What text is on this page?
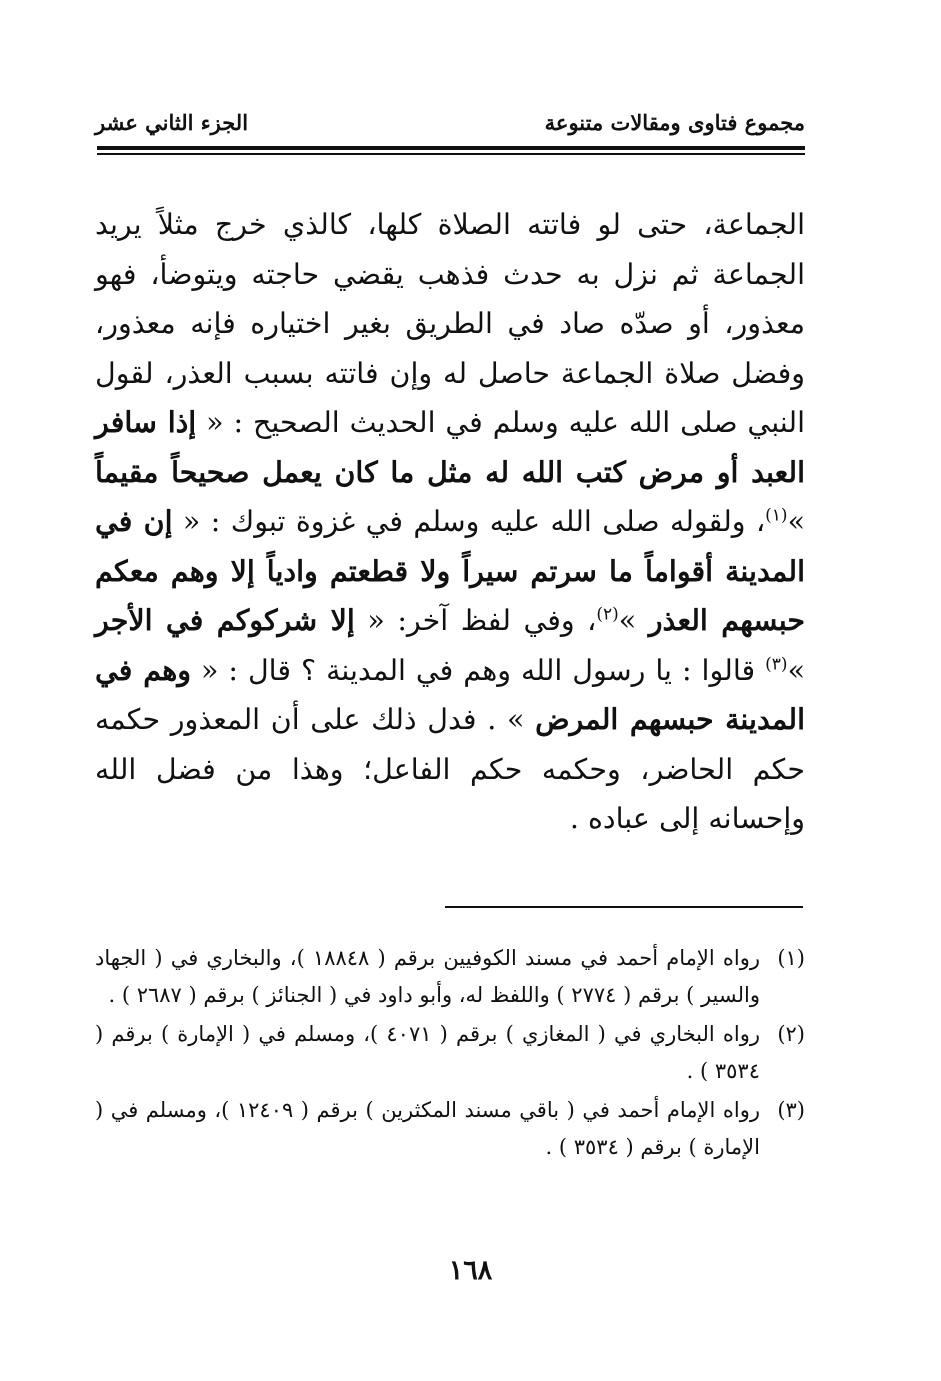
مجموع فتاوى ومقالات متنوعة
الجزء الثاني عشر

الجماعة، حتى لو فاتته الصلاة كلها، كالذي خرج مثلاً يريد الجماعة ثم نزل به حدث فذهب يقضي حاجته ويتوضأ، فهو معذور، أو صدّه صاد في الطريق بغير اختياره فإنه معذور، وفضل صلاة الجماعة حاصل له وإن فاتته بسبب العذر، لقول النبي صلى الله عليه وسلم في الحديث الصحيح : « إذا سافر العبد أو مرض كتب الله له مثل ما كان يعمل صحيحاً مقيماً »$^{(١)}$، ولقوله صلى الله عليه وسلم في غزوة تبوك : « إن في المدينة أقواماً ما سرتم سيراً ولا قطعتم وادياً إلا وهم معكم حبسهم العذر »$^{(٢)}$، وفي لفظ آخر: « إلا شركوكم في الأجر »$^{(٣)}$ قالوا : يا رسول الله وهم في المدينة ؟ قال : « وهم في المدينة حبسهم المرض » . فدل ذلك على أن المعذور حكمه حكم الحاضر، وحكمه حكم الفاعل؛ وهذا من فضل الله وإحسانه إلى عباده .

(١)
رواه الإمام أحمد في مسند الكوفيين برقم ( ١٨٨٤٨ )، والبخاري في ( الجهاد والسير ) برقم ( ٢٧٧٤ ) واللفظ له، وأبو داود في ( الجنائز ) برقم ( ٢٦٨٧ ) .
(٢)
رواه البخاري في ( المغازي ) برقم ( ٤٠٧١ )، ومسلم في ( الإمارة ) برقم ( ٣٥٣٤ ) .
(٣)
رواه الإمام أحمد في ( باقي مسند المكثرين ) برقم ( ١٢٤٠٩ )، ومسلم في ( الإمارة ) برقم ( ٣٥٣٤ ) .
١٦٨
